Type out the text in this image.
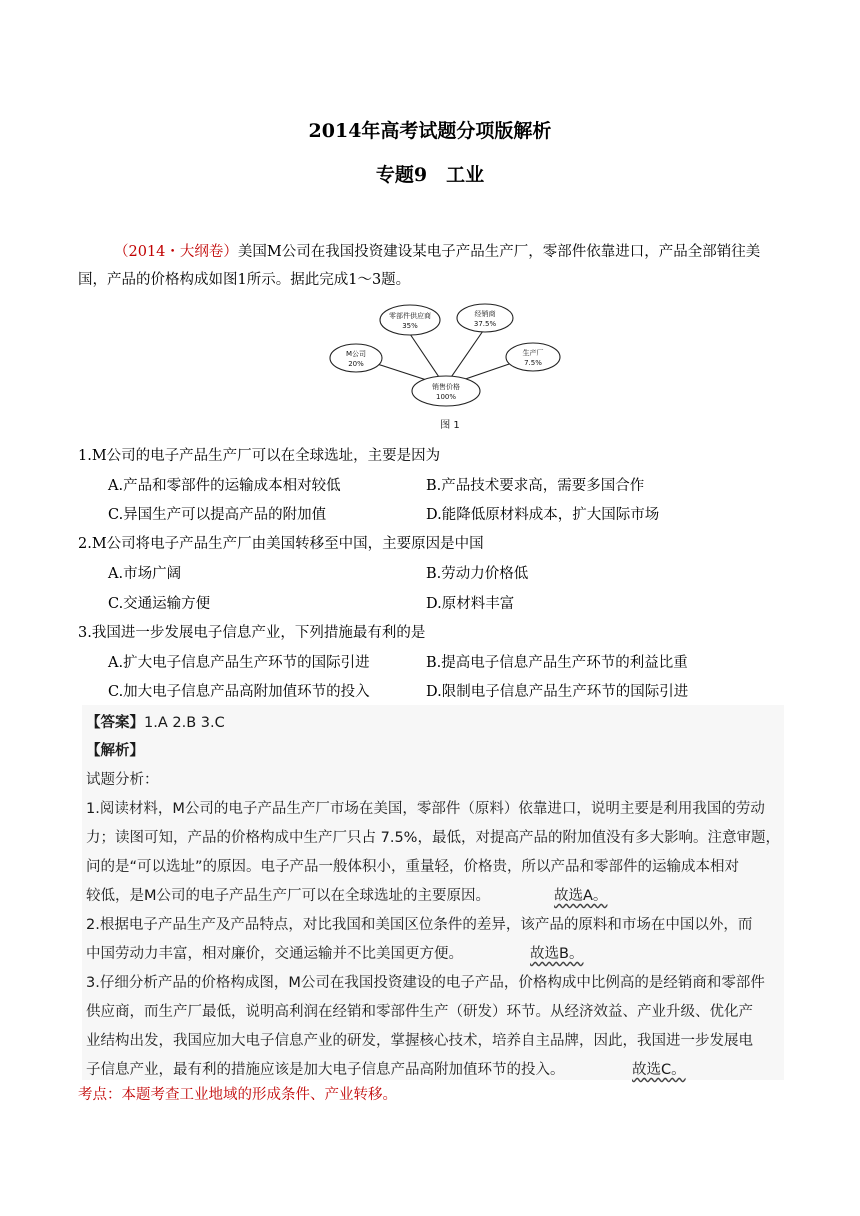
2014年高考试题分项版解析
专题9　工业
（2014・大纲卷）美国M公司在我国投资建设某电子产品生产厂，零部件依靠进口，产品全部销往美
国，产品的价格构成如图1所示。据此完成1～3题。
零部件供应商
35%
经销商
37.5%
M公司
20%
生产厂
7.5%
销售价格
100%
图 1
1.M公司的电子产品生产厂可以在全球选址，主要是因为
A.产品和零部件的运输成本相对较低	B.产品技术要求高，需要多国合作
C.异国生产可以提高产品的附加值	D.能降低原材料成本，扩大国际市场
2.M公司将电子产品生产厂由美国转移至中国，主要原因是中国
A.市场广阔	B.劳动力价格低
C.交通运输方便	D.原材料丰富
3.我国进一步发展电子信息产业，下列措施最有利的是
A.扩大电子信息产品生产环节的国际引进	B.提高电子信息产品生产环节的利益比重
C.加大电子信息产品高附加值环节的投入	D.限制电子信息产品生产环节的国际引进
【答案】1.A 2.B 3.C
【解析】
试题分析：
1.阅读材料，M公司的电子产品生产厂市场在美国，零部件（原料）依靠进口，说明主要是利用我国的劳动
力；读图可知，产品的价格构成中生产厂只占 7.5%，最低，对提高产品的附加值没有多大影响。注意审题，
问的是“可以选址”的原因。电子产品一般体积小，重量轻，价格贵，所以产品和零部件的运输成本相对
较低，是M公司的电子产品生产厂可以在全球选址的主要原因。	故选A。
2.根据电子产品生产及产品特点，对比我国和美国区位条件的差异，该产品的原料和市场在中国以外，而
中国劳动力丰富，相对廉价，交通运输并不比美国更方便。	故选B。
3.仔细分析产品的价格构成图，M公司在我国投资建设的电子产品，价格构成中比例高的是经销商和零部件
供应商，而生产厂最低，说明高利润在经销和零部件生产（研发）环节。从经济效益、产业升级、优化产
业结构出发，我国应加大电子信息产业的研发，掌握核心技术，培养自主品牌，因此，我国进一步发展电
子信息产业，最有利的措施应该是加大电子信息产品高附加值环节的投入。	故选C。
考点：本题考查工业地域的形成条件、产业转移。
